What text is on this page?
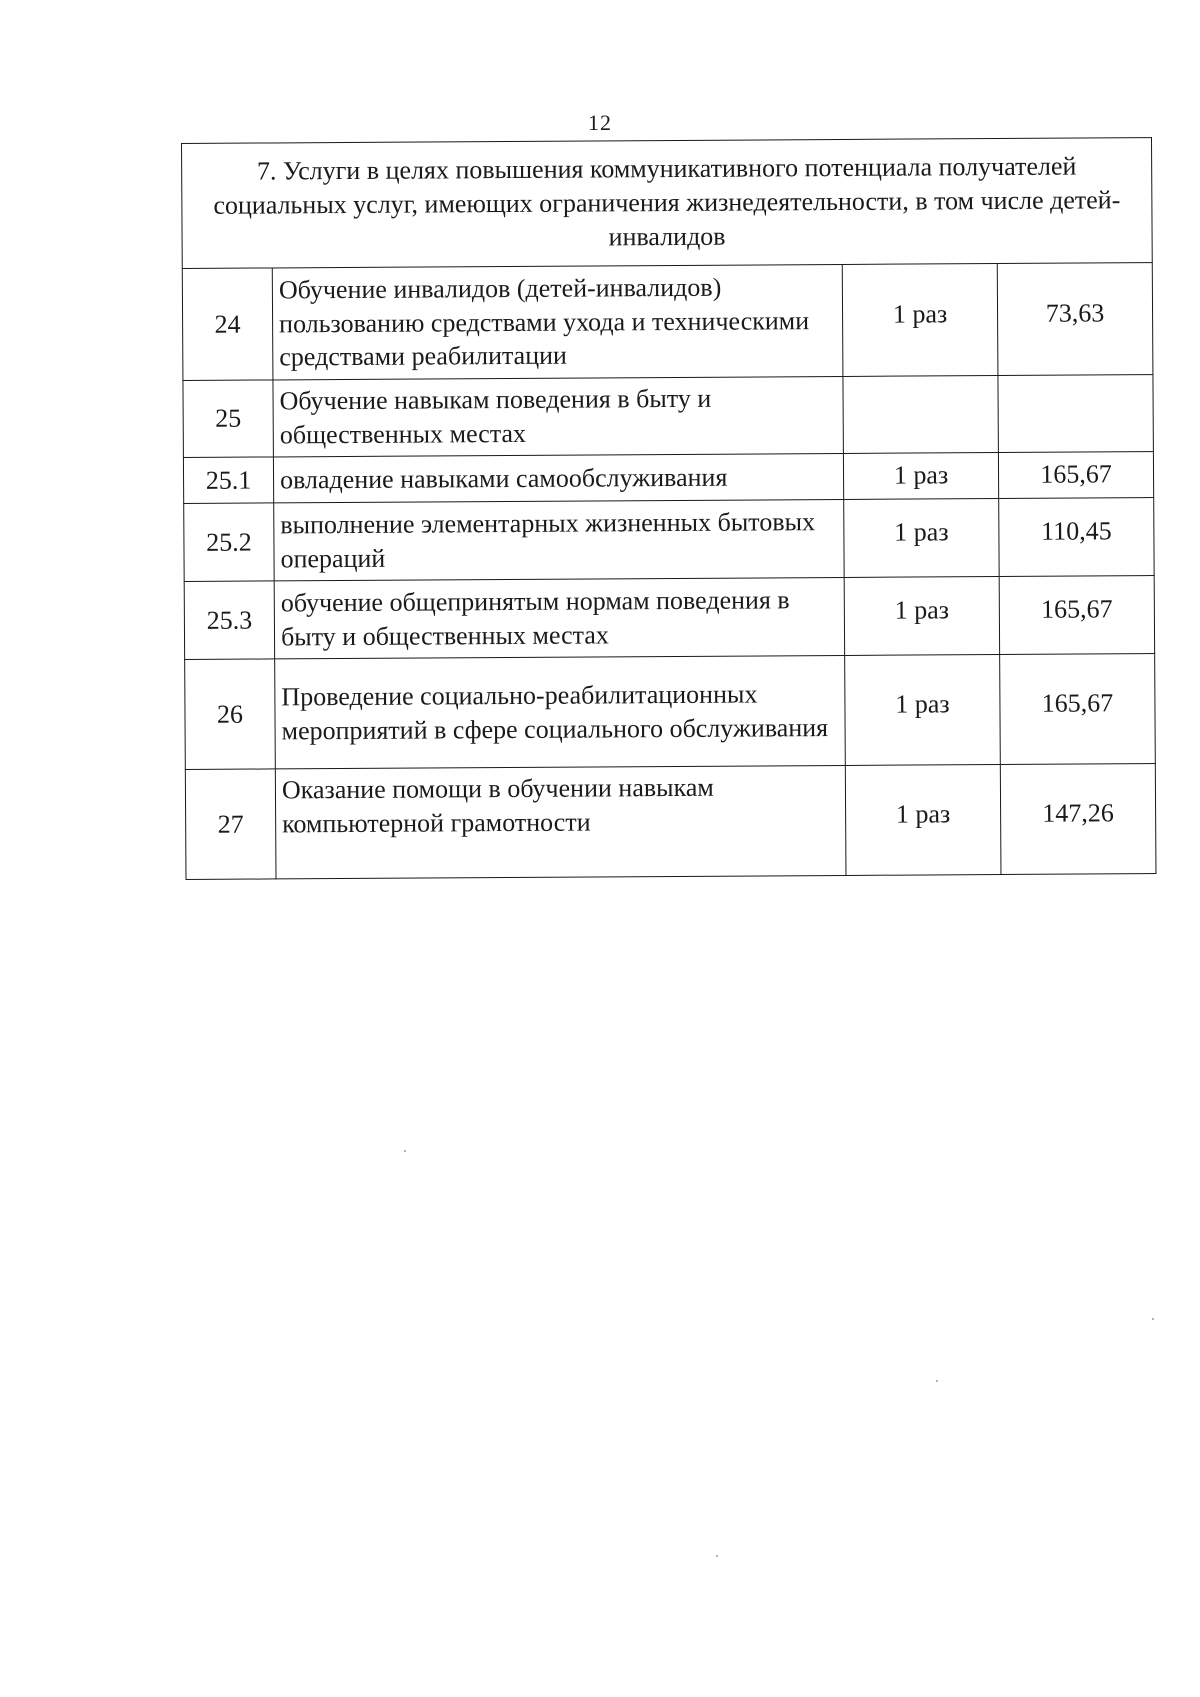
12
7. Услуги в целях повышения коммуникативного потенциала получателей социальных услуг, имеющих ограничения жизнедеятельности, в том числе детей-инвалидов			
24	Обучение инвалидов (детей-инвалидов) пользованию средствами ухода и техническими средствами реабилитации	1 раз	73,63
25	Обучение навыкам поведения в быту и общественных местах		
25.1	овладение навыками самообслуживания	1 раз	165,67
25.2	выполнение элементарных жизненных бытовых операций	1 раз	110,45
25.3	обучение общепринятым нормам поведения в быту и общественных местах	1 раз	165,67
26	Проведение социально-реабилитационных мероприятий в сфере социального обслуживания	1 раз	165,67
27	Оказание помощи в обучении навыкам компьютерной грамотности	1 раз	147,26
